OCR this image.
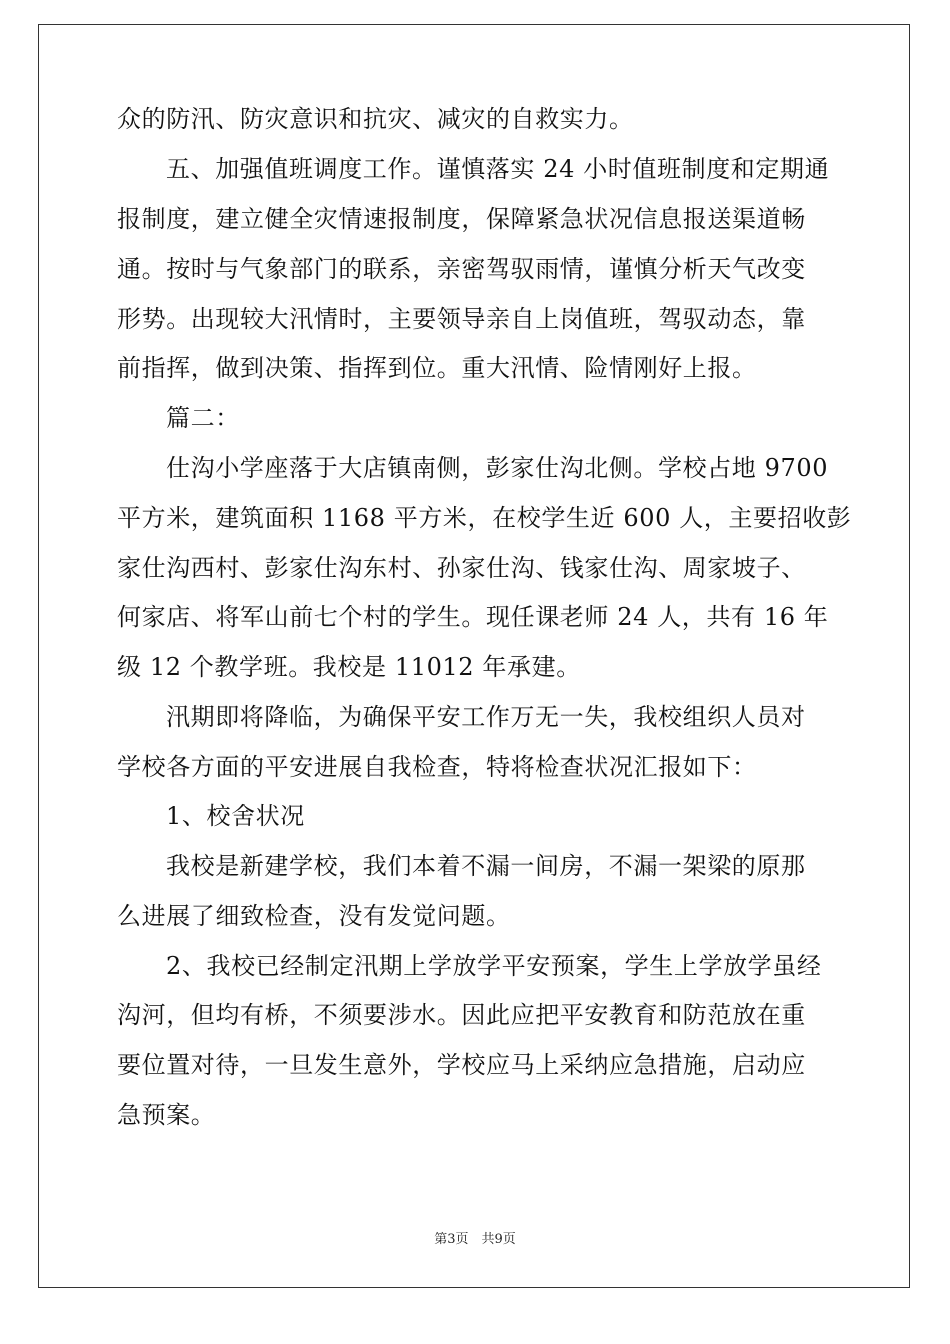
众的防汛、防灾意识和抗灾、减灾的自救实力。
五、加强值班调度工作。谨慎落实 24 小时值班制度和定期通
报制度，建立健全灾情速报制度，保障紧急状况信息报送渠道畅
通。按时与气象部门的联系，亲密驾驭雨情，谨慎分析天气改变
形势。出现较大汛情时，主要领导亲自上岗值班，驾驭动态，靠
前指挥，做到决策、指挥到位。重大汛情、险情刚好上报。
篇二：
仕沟小学座落于大店镇南侧，彭家仕沟北侧。学校占地 9700
平方米，建筑面积 1168 平方米，在校学生近 600 人，主要招收彭
家仕沟西村、彭家仕沟东村、孙家仕沟、钱家仕沟、周家坡子、
何家店、将军山前七个村的学生。现任课老师 24 人，共有 16 年
级 12 个教学班。我校是 11012 年承建。
汛期即将降临，为确保平安工作万无一失，我校组织人员对
学校各方面的平安进展自我检查，特将检查状况汇报如下：
1、校舍状况
我校是新建学校，我们本着不漏一间房，不漏一架梁的原那
么进展了细致检查，没有发觉问题。
2、我校已经制定汛期上学放学平安预案，学生上学放学虽经
沟河，但均有桥，不须要涉水。因此应把平安教育和防范放在重
要位置对待，一旦发生意外，学校应马上采纳应急措施，启动应
急预案。
第3页　共9页
